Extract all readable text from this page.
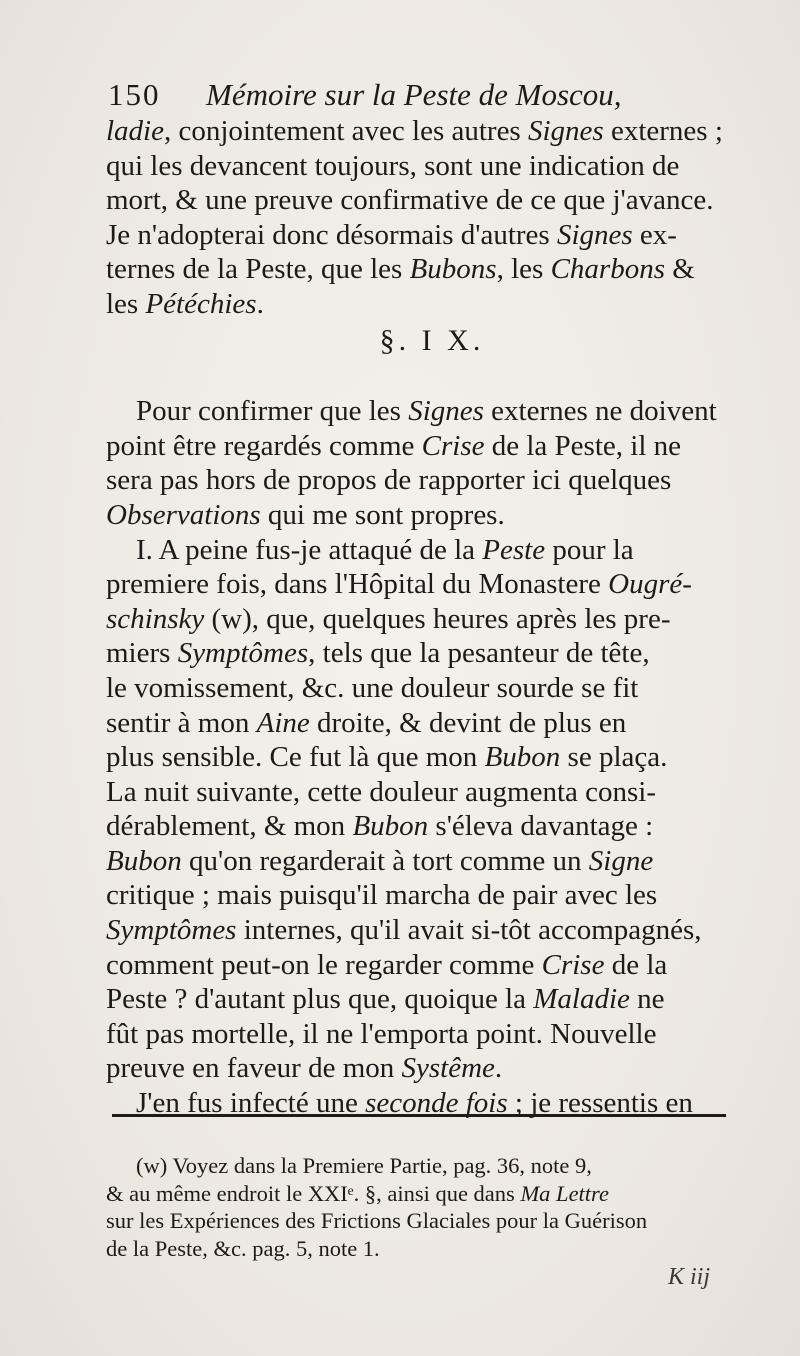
150 Mémoire sur la Peste de Moscou,

ladie, conjointement avec les autres Signes externes ;
qui les devancent toujours, sont une indication de
mort, & une preuve confirmative de ce que j'avance.
Je n'adopterai donc désormais d'autres Signes ex-
ternes de la Peste, que les Bubons, les Charbons &
les Pétéchies.

§. I X.

Pour confirmer que les Signes externes ne doivent
point être regardés comme Crise de la Peste, il ne
sera pas hors de propos de rapporter ici quelques
Observations qui me sont propres.

I. A peine fus-je attaqué de la Peste pour la
premiere fois, dans l'Hôpital du Monastere Ougré-
schinsky (w), que, quelques heures après les pre-
miers Symptômes, tels que la pesanteur de tête,
le vomissement, &c. une douleur sourde se fit
sentir à mon Aine droite, & devint de plus en
plus sensible. Ce fut là que mon Bubon se plaça.
La nuit suivante, cette douleur augmenta consi-
dérablement, & mon Bubon s'éleva davantage :
Bubon qu'on regarderait à tort comme un Signe
critique ; mais puisqu'il marcha de pair avec les
Symptômes internes, qu'il avait si-tôt accompagnés,
comment peut-on le regarder comme Crise de la
Peste ? d'autant plus que, quoique la Maladie ne
fût pas mortelle, il ne l'emporta point. Nouvelle
preuve en faveur de mon Systême.

J'en fus infecté une seconde fois ; je ressentis en

(w) Voyez dans la Premiere Partie, pag. 36, note 9,
& au même endroit le XXIᵉ. §, ainsi que dans Ma Lettre
sur les Expériences des Frictions Glaciales pour la Guérison
de la Peste, &c. pag. 5, note 1.
K iij
